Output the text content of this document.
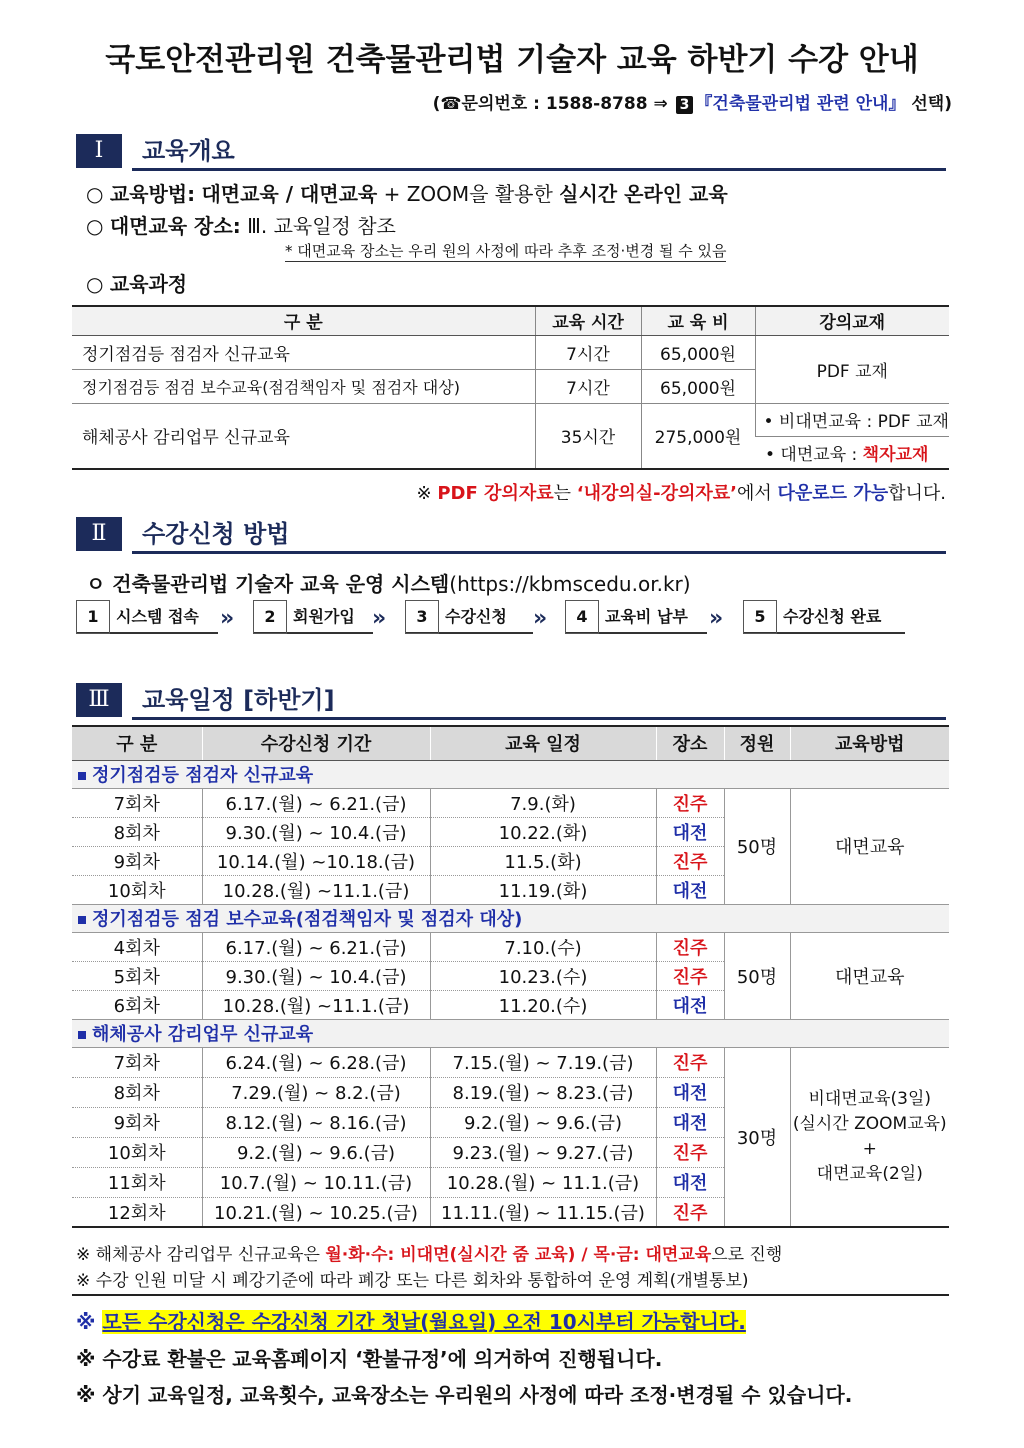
국토안전관리원 건축물관리법 기술자 교육 하반기 수강 안내
(☎문의번호 : 1588-8788 ⇒ 3 『건축물관리법 관련 안내』 선택)
Ⅰ	교육개요
○ 교육방법: 대면교육 / 대면교육 + ZOOM을 활용한 실시간 온라인 교육
○ 대면교육 장소: Ⅲ. 교육일정 참조
* 대면교육 장소는 우리 원의 사정에 따라 추후 조정·변경 될 수 있음
○ 교육과정
구 분	교육 시간	교 육 비	강의교재
정기점검등 점검자 신규교육	7시간	65,000원	PDF 교재
정기점검등 점검 보수교육(점검책임자 및 점검자 대상)	7시간	65,000원	
해체공사 감리업무 신규교육	35시간	275,000원	• 비대면교육 : PDF 교재
			• 대면교육 : 책자교재
※ PDF 강의자료는 ‘내강의실-강의자료’에서 다운로드 가능합니다.
Ⅱ	수강신청 방법
ㅇ 건축물관리법 기술자 교육 운영 시스템(https://kbmscedu.or.kr)
1 시스템 접속 »	2 회원가입 »	3 수강신청	»	4 교육비 납부 »	5 수강신청 완료
Ⅲ	교육일정 [하반기]
구 분	수강신청 기간	교육 일정	장소	정원	교육방법
정기점검등 점검자 신규교육					
7회차	6.17.(월) ~ 6.21.(금)	7.9.(화)	진주	50명	대면교육
8회차	9.30.(월) ~ 10.4.(금)	10.22.(화)	대전		
9회차	10.14.(월) ~10.18.(금)	11.5.(화)	진주		
10회차	10.28.(월) ~11.1.(금)	11.19.(화)	대전		
정기점검등 점검 보수교육(점검책임자 및 점검자 대상)					
4회차	6.17.(월) ~ 6.21.(금)	7.10.(수)	진주	50명	대면교육
5회차	9.30.(월) ~ 10.4.(금)	10.23.(수)	진주		
6회차	10.28.(월) ~11.1.(금)	11.20.(수)	대전		
해체공사 감리업무 신규교육					
7회차	6.24.(월) ~ 6.28.(금)	7.15.(월) ~ 7.19.(금)	진주	30명	비대면교육(3일)
(실시간 ZOOM교육)
+
대면교육(2일)

8회차	7.29.(월) ~ 8.2.(금)	8.19.(월) ~ 8.23.(금)	대전		
9회차	8.12.(월) ~ 8.16.(금)	9.2.(월) ~ 9.6.(금)	대전		
10회차	9.2.(월) ~ 9.6.(금)	9.23.(월) ~ 9.27.(금)	진주		
11회차	10.7.(월) ~ 10.11.(금)	10.28.(월) ~ 11.1.(금)	대전		
12회차	10.21.(월) ~ 10.25.(금)	11.11.(월) ~ 11.15.(금)	진주		
※ 해체공사 감리업무 신규교육은 월·화·수: 비대면(실시간 줌 교육) / 목·금: 대면교육으로 진행
※ 수강 인원 미달 시 폐강기준에 따라 폐강 또는 다른 회차와 통합하여 운영 계획(개별통보)
※ 모든 수강신청은 수강신청 기간 첫날(월요일) 오전 10시부터 가능합니다.
※ 수강료 환불은 교육홈페이지 ‘환불규정’에 의거하여 진행됩니다.
※ 상기 교육일정, 교육횟수, 교육장소는 우리원의 사정에 따라 조정·변경될 수 있습니다.
